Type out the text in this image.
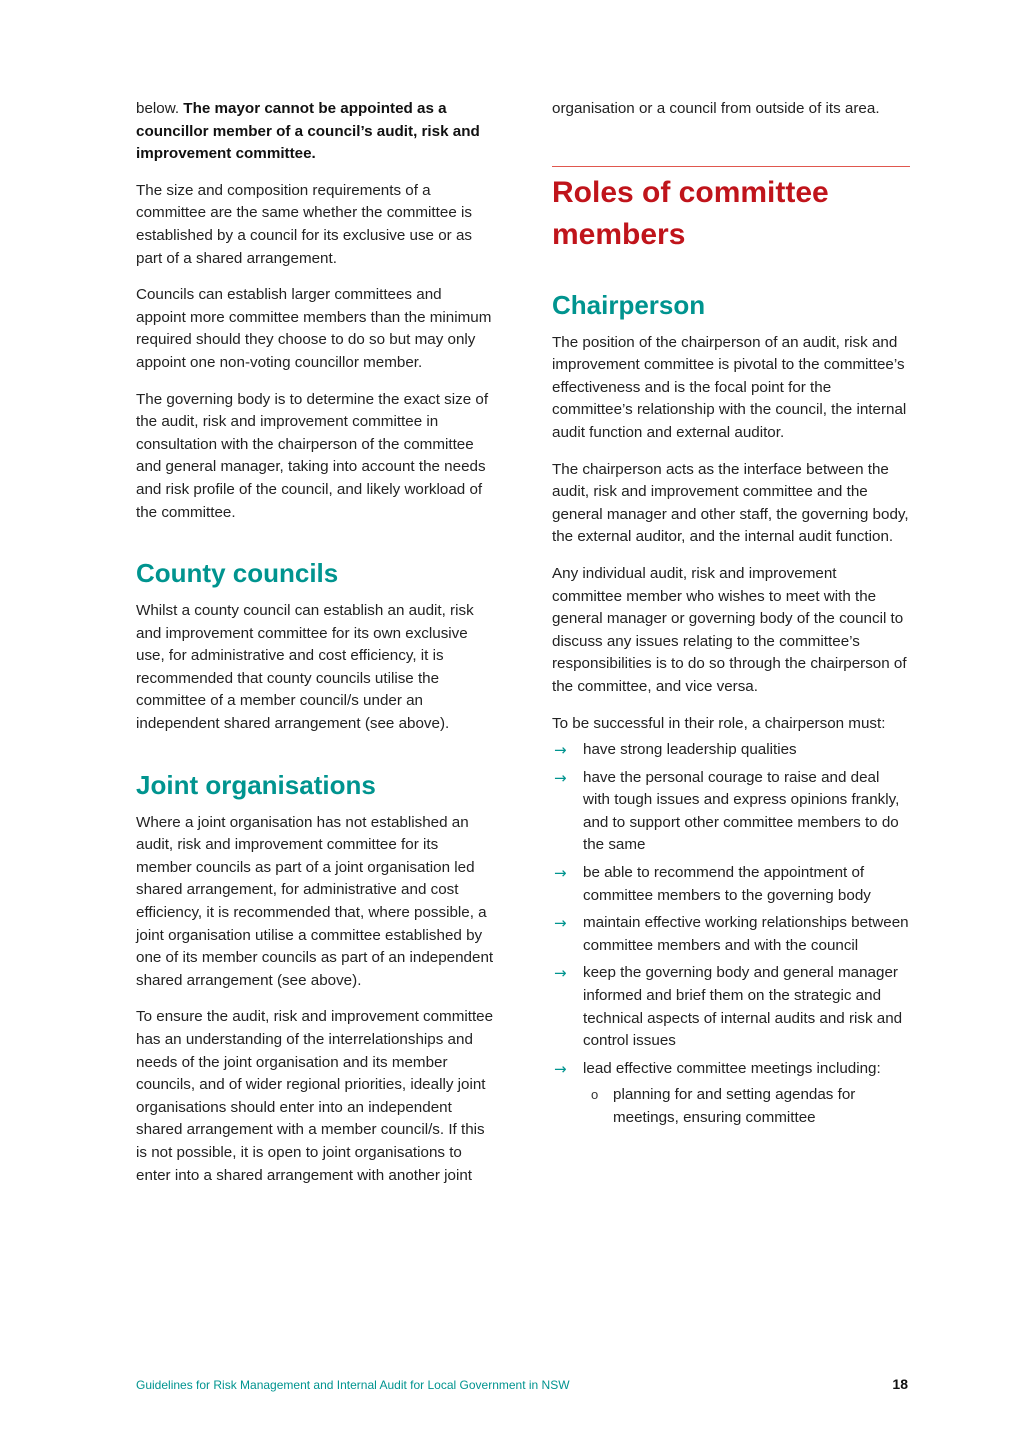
below. The mayor cannot be appointed as a councillor member of a council’s audit, risk and improvement committee.

The size and composition requirements of a committee are the same whether the committee is established by a council for its exclusive use or as part of a shared arrangement.

Councils can establish larger committees and appoint more committee members than the minimum required should they choose to do so but may only appoint one non-voting councillor member.

The governing body is to determine the exact size of the audit, risk and improvement committee in consultation with the chairperson of the committee and general manager, taking into account the needs and risk profile of the council, and likely workload of the committee.

County councils

Whilst a county council can establish an audit, risk and improvement committee for its own exclusive use, for administrative and cost efficiency, it is recommended that county councils utilise the committee of a member council/s under an independent shared arrangement (see above).

Joint organisations

Where a joint organisation has not established an audit, risk and improvement committee for its member councils as part of a joint organisation led shared arrangement, for administrative and cost efficiency, it is recommended that, where possible, a joint organisation utilise a committee established by one of its member councils as part of an independent shared arrangement (see above).

To ensure the audit, risk and improvement committee has an understanding of the interrelationships and needs of the joint organisation and its member councils, and of wider regional priorities, ideally joint organisations should enter into an independent shared arrangement with a member council/s. If this is not possible, it is open to joint organisations to enter into a shared arrangement with another joint

organisation or a council from outside of its area.

Roles of committee members
Chairperson

The position of the chairperson of an audit, risk and improvement committee is pivotal to the committee’s effectiveness and is the focal point for the committee’s relationship with the council, the internal audit function and external auditor.

The chairperson acts as the interface between the audit, risk and improvement committee and the general manager and other staff, the governing body, the external auditor, and the internal audit function.

Any individual audit, risk and improvement committee member who wishes to meet with the general manager or governing body of the council to discuss any issues relating to the committee’s responsibilities is to do so through the chairperson of the committee, and vice versa.

To be successful in their role, a chairperson must:

→ have strong leadership qualities
→ have the personal courage to raise and deal with tough issues and express opinions frankly, and to support other committee members to do the same
→ be able to recommend the appointment of committee members to the governing body
→ maintain effective working relationships between committee members and with the council
→ keep the governing body and general manager informed and brief them on the strategic and technical aspects of internal audits and risk and control issues
→ lead effective committee meetings including:
o planning for and setting agendas for meetings, ensuring committee
Guidelines for Risk Management and Internal Audit for Local Government in NSW	18
